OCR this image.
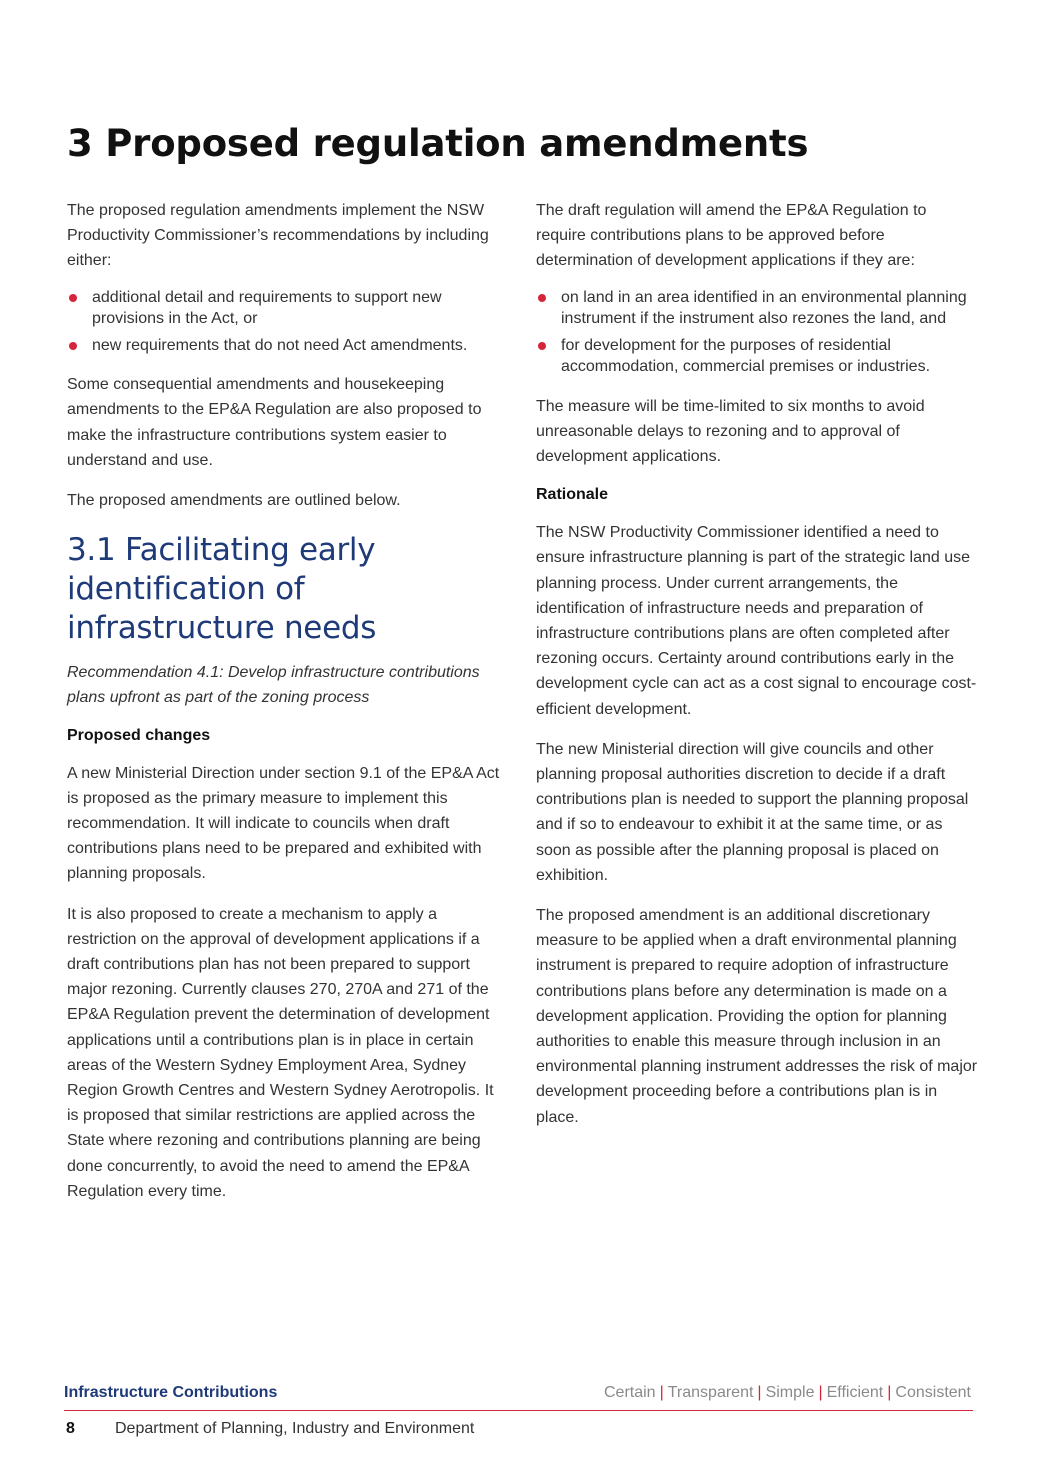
3 Proposed regulation amendments

The proposed regulation amendments implement the NSW Productivity Commissioner’s recommendations by including either:

additional detail and requirements to support new provisions in the Act, or
new requirements that do not need Act amendments.

Some consequential amendments and housekeeping amendments to the EP&A Regulation are also proposed to make the infrastructure contributions system easier to understand and use.

The proposed amendments are outlined below.

3.1 Facilitating early identification of infrastructure needs

Recommendation 4.1: Develop infrastructure contributions plans upfront as part of the zoning process

Proposed changes

A new Ministerial Direction under section 9.1 of the EP&A Act is proposed as the primary measure to implement this recommendation. It will indicate to councils when draft contributions plans need to be prepared and exhibited with planning proposals.

It is also proposed to create a mechanism to apply a restriction on the approval of development applications if a draft contributions plan has not been prepared to support major rezoning. Currently clauses 270, 270A and 271 of the EP&A Regulation prevent the determination of development applications until a contributions plan is in place in certain areas of the Western Sydney Employment Area, Sydney Region Growth Centres and Western Sydney Aerotropolis. It is proposed that similar restrictions are applied across the State where rezoning and contributions planning are being done concurrently, to avoid the need to amend the EP&A Regulation every time.

The draft regulation will amend the EP&A Regulation to require contributions plans to be approved before determination of development applications if they are:

on land in an area identified in an environmental planning instrument if the instrument also rezones the land, and
for development for the purposes of residential accommodation, commercial premises or industries.

The measure will be time-limited to six months to avoid unreasonable delays to rezoning and to approval of development applications.

Rationale

The NSW Productivity Commissioner identified a need to ensure infrastructure planning is part of the strategic land use planning process. Under current arrangements, the identification of infrastructure needs and preparation of infrastructure contributions plans are often completed after rezoning occurs. Certainty around contributions early in the development cycle can act as a cost signal to encourage cost-efficient development.

The new Ministerial direction will give councils and other planning proposal authorities discretion to decide if a draft contributions plan is needed to support the planning proposal and if so to endeavour to exhibit it at the same time, or as soon as possible after the planning proposal is placed on exhibition.

The proposed amendment is an additional discretionary measure to be applied when a draft environmental planning instrument is prepared to require adoption of infrastructure contributions plans before any determination is made on a development application. Providing the option for planning authorities to enable this measure through inclusion in an environmental planning instrument addresses the risk of major development proceeding before a contributions plan is in place.

Infrastructure Contributions	Certain | Transparent | Simple | Efficient | Consistent
8	Department of Planning, Industry and Environment
